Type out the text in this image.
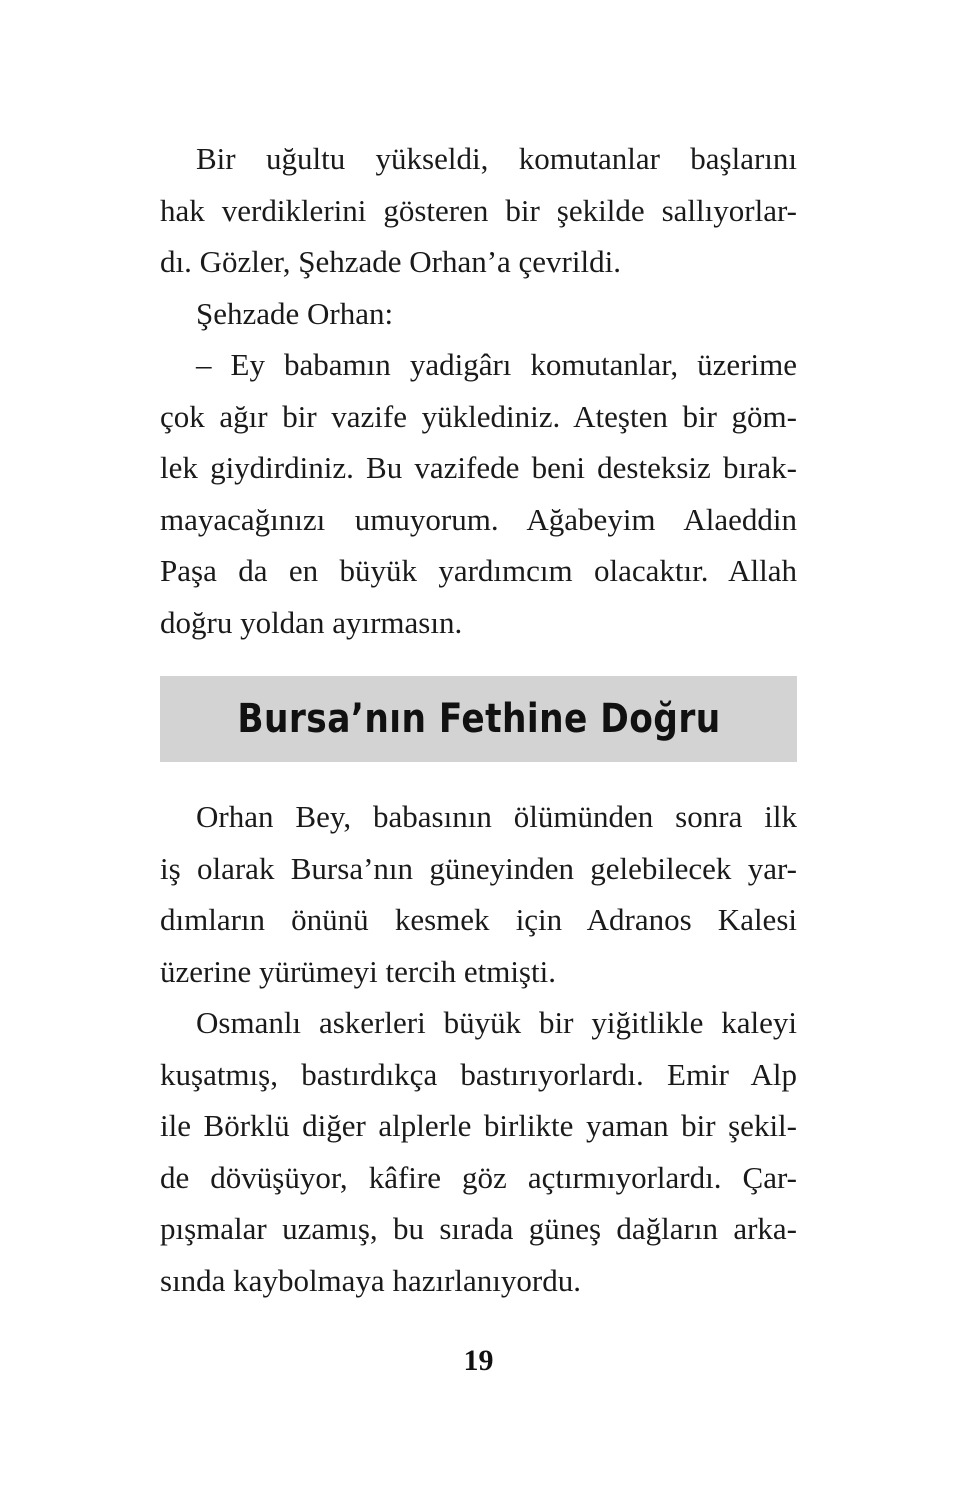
Bir uğultu yükseldi, komutanlar başlarını
hak verdiklerini gösteren bir şekilde sallıyorlar-
dı. Gözler, Şehzade Orhan’a çevrildi.
Şehzade Orhan:
– Ey babamın yadigârı komutanlar, üzerime
çok ağır bir vazife yüklediniz. Ateşten bir göm-
lek giydirdiniz. Bu vazifede beni desteksiz bırak-
mayacağınızı umuyorum. Ağabeyim Alaeddin
Paşa da en büyük yardımcım olacaktır. Allah
doğru yoldan ayırmasın.
Bursa’nın Fethine Doğru
Orhan Bey, babasının ölümünden sonra ilk
iş olarak Bursa’nın güneyinden gelebilecek yar-
dımların önünü kesmek için Adranos Kalesi
üzerine yürümeyi tercih etmişti.
Osmanlı askerleri büyük bir yiğitlikle kaleyi
kuşatmış, bastırdıkça bastırıyorlardı. Emir Alp
ile Börklü diğer alplerle birlikte yaman bir şekil-
de dövüşüyor, kâfire göz açtırmıyorlardı. Çar-
pışmalar uzamış, bu sırada güneş dağların arka-
sında kaybolmaya hazırlanıyordu.
19
